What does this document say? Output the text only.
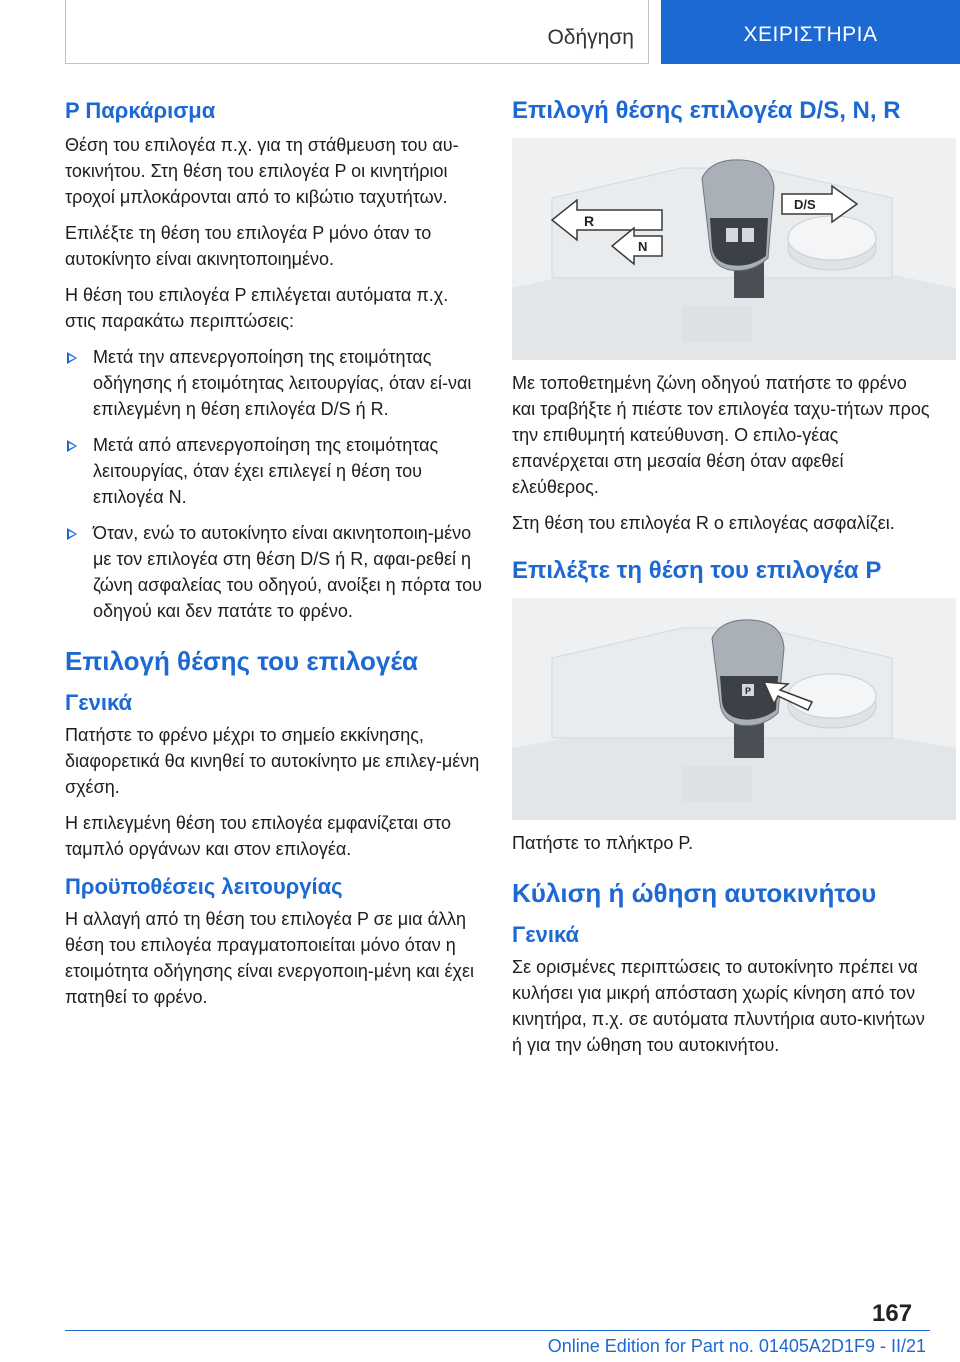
Οδήγηση	ΧΕΙΡΙΣΤΗΡΙΑ
P Παρκάρισμα

Θέση του επιλογέα π.χ. για τη στάθμευση του αυ-τοκινήτου. Στη θέση του επιλογέα P οι κινητήριοι τροχοί μπλοκάρονται από το κιβώτιο ταχυτήτων.

Επιλέξτε τη θέση του επιλογέα P μόνο όταν το αυτοκίνητο είναι ακινητοποιημένο.

Η θέση του επιλογέα P επιλέγεται αυτόματα π.χ. στις παρακάτω περιπτώσεις:

Μετά την απενεργοποίηση της ετοιμότητας οδήγησης ή ετοιμότητας λειτουργίας, όταν εί-ναι επιλεγμένη η θέση επιλογέα D/S ή R.
Μετά από απενεργοποίηση της ετοιμότητας λειτουργίας, όταν έχει επιλεγεί η θέση του επιλογέα N.
Όταν, ενώ το αυτοκίνητο είναι ακινητοποιη-μένο με τον επιλογέα στη θέση D/S ή R, αφαι-ρεθεί η ζώνη ασφαλείας του οδηγού, ανοίξει η πόρτα του οδηγού και δεν πατάτε το φρένο.
Επιλογή θέσης του επιλογέα
Γενικά

Πατήστε το φρένο μέχρι το σημείο εκκίνησης, διαφορετικά θα κινηθεί το αυτοκίνητο με επιλεγ-μένη σχέση.

Η επιλεγμένη θέση του επιλογέα εμφανίζεται στο ταμπλό οργάνων και στον επιλογέα.

Προϋποθέσεις λειτουργίας

Η αλλαγή από τη θέση του επιλογέα P σε μια άλλη θέση του επιλογέα πραγματοποιείται μόνο όταν η ετοιμότητα οδήγησης είναι ενεργοποιη-μένη και έχει πατηθεί το φρένο.

Επιλογή θέσης επιλογέα D/S, N, R
R
N
D/S

Με τοποθετημένη ζώνη οδηγού πατήστε το φρένο και τραβήξτε ή πιέστε τον επιλογέα ταχυ-τήτων προς την επιθυμητή κατεύθυνση. Ο επιλο-γέας επανέρχεται στη μεσαία θέση όταν αφεθεί ελεύθερος.

Στη θέση του επιλογέα R ο επιλογέας ασφαλίζει.

Επιλέξτε τη θέση του επιλογέα P
P

Πατήστε το πλήκτρο P.

Κύλιση ή ώθηση αυτοκινήτου
Γενικά

Σε ορισμένες περιπτώσεις το αυτοκίνητο πρέπει να κυλήσει για μικρή απόσταση χωρίς κίνηση από τον κινητήρα, π.χ. σε αυτόματα πλυντήρια αυτο-κινήτων ή για την ώθηση του αυτοκινήτου.

167
Online Edition for Part no. 01405A2D1F9 - II/21
